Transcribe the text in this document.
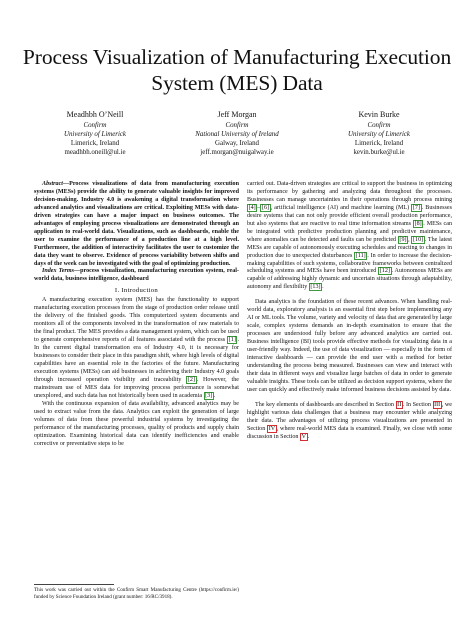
Process Visualization of Manufacturing Execution System (MES) Data
Meadhbh O’Neill
Confirm
University of Limerick
Limerick, Ireland
meadhbh.oneill@ul.ie
Jeff Morgan
Confirm
National University of Ireland
Galway, Ireland
jeff.morgan@nuigalway.ie
Kevin Burke
Confirm
University of Limerick
Limerick, Ireland
kevin.burke@ul.ie

Abstract—Process visualizations of data from manufacturing execution systems (MESs) provide the ability to generate valuable insights for improved decision-making. Industry 4.0 is awakening a digital transformation where advanced analytics and visualizations are critical. Exploiting MESs with data-driven strategies can have a major impact on business outcomes. The advantages of employing process visualizations are demonstrated through an application to real-world data. Visualizations, such as dashboards, enable the user to examine the performance of a production line at a high level. Furthermore, the addition of interactivity facilitates the user to customize the data they want to observe. Evidence of process variability between shifts and days of the week can be investigated with the goal of optimizing production.

Index Terms—process visualization, manufacturing execution system, real-world data, business intelligence, dashboard

I. Introduction

A manufacturing execution system (MES) has the functionality to support manufacturing execution processes from the stage of production order release until the delivery of the finished goods. This computerized system documents and monitors all of the components involved in the transformation of raw materials to the final product. The MES provides a data management system, which can be used to generate comprehensive reports of all features associated with the process [1] . In the current digital transformation era of Industry 4.0, it is necessary for businesses to consider their place in this paradigm shift, where high levels of digital capabilities have an essential role in the factories of the future. Manufacturing execution systems (MESs) can aid businesses in achieving their Industry 4.0 goals through increased operation visibility and traceability [2] . However, the mainstream use of MES data for improving process performance is somewhat unexplored, and such data has not historically been used in academia [3] .

With the continuous expansion of data availability, advanced analytics may be used to extract value from the data. Analytics can exploit the generation of large volumes of data from these powerful industrial systems by investigating the performance of the manufacturing processes, quality of products and supply chain optimization. Examining historical data can identify inefficiencies and enable corrective or preventative steps to be

This work was carried out within the Confirm Smart Manufacturing Centre (https://confirm.ie/) funded by Science Foundation Ireland (grant number: 16/RC/3918).

carried out. Data-driven strategies are critical to support the business in optimizing its performance by gathering and analyzing data throughout the processes. Businesses can manage uncertainties in their operations through process mining [4] – [6] , artificial intelligence (AI) and machine learning (ML) [7] . Businesses desire systems that can not only provide efficient overall production performance, but also systems that are reactive to real time information streams [8] . MESs can be integrated with predictive production planning and predictive maintenance, where anomalies can be detected and faults can be predicted [9] , [10] . The latest MESs are capable of autonomously executing schedules and reacting to changes in production due to unexpected disturbances [11] . In order to increase the decision-making capabilities of such systems, collaborative frameworks between centralized scheduling systems and MESs have been introduced [12] . Autonomous MESs are capable of addressing highly dynamic and uncertain situations through adaptability, autonomy and flexibility [13] .

Data analytics is the foundation of these recent advances. When handling real-world data, exploratory analysis is an essential first step before implementing any AI or ML tools. The volume, variety and velocity of data that are generated by large scale, complex systems demands an in-depth examination to ensure that the processes are understood fully before any advanced analytics are carried out. Business intelligence (BI) tools provide effective methods for visualizing data in a user-friendly way. Indeed, the use of data visualization — especially in the form of interactive dashboards — can provide the end user with a method for better understanding the process being measured. Businesses can view and interact with their data in different ways and visualize large batches of data in order to generate valuable insights. These tools can be utilized as decision support systems, where the user can quickly and effectively make informed business decisions assisted by data.

The key elements of dashboards are described in Section II . In Section III , we highlight various data challenges that a business may encounter while analyzing their data. The advantages of utilizing process visualizations are presented in Section IV , where real-world MES data is examined. Finally, we close with some discussion in Section V .
